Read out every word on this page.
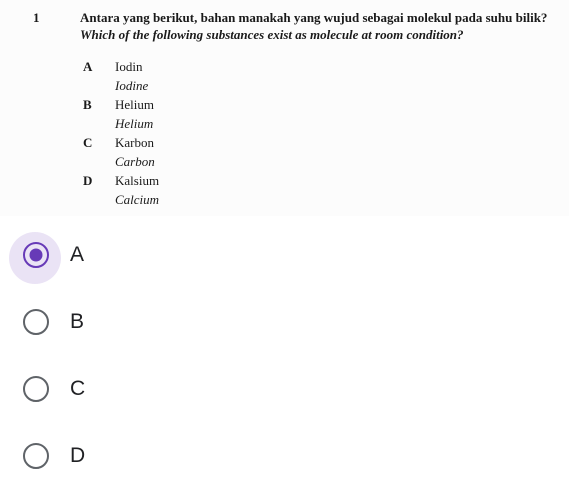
1	Antara yang berikut, bahan manakah yang wujud sebagai molekul pada suhu bilik?
Which of the following substances exist as molecule at room condition?
A Iodin
Iodine
B Helium
Helium
C Karbon
Carbon
D Kalsium
Calcium
A
B
C
D
